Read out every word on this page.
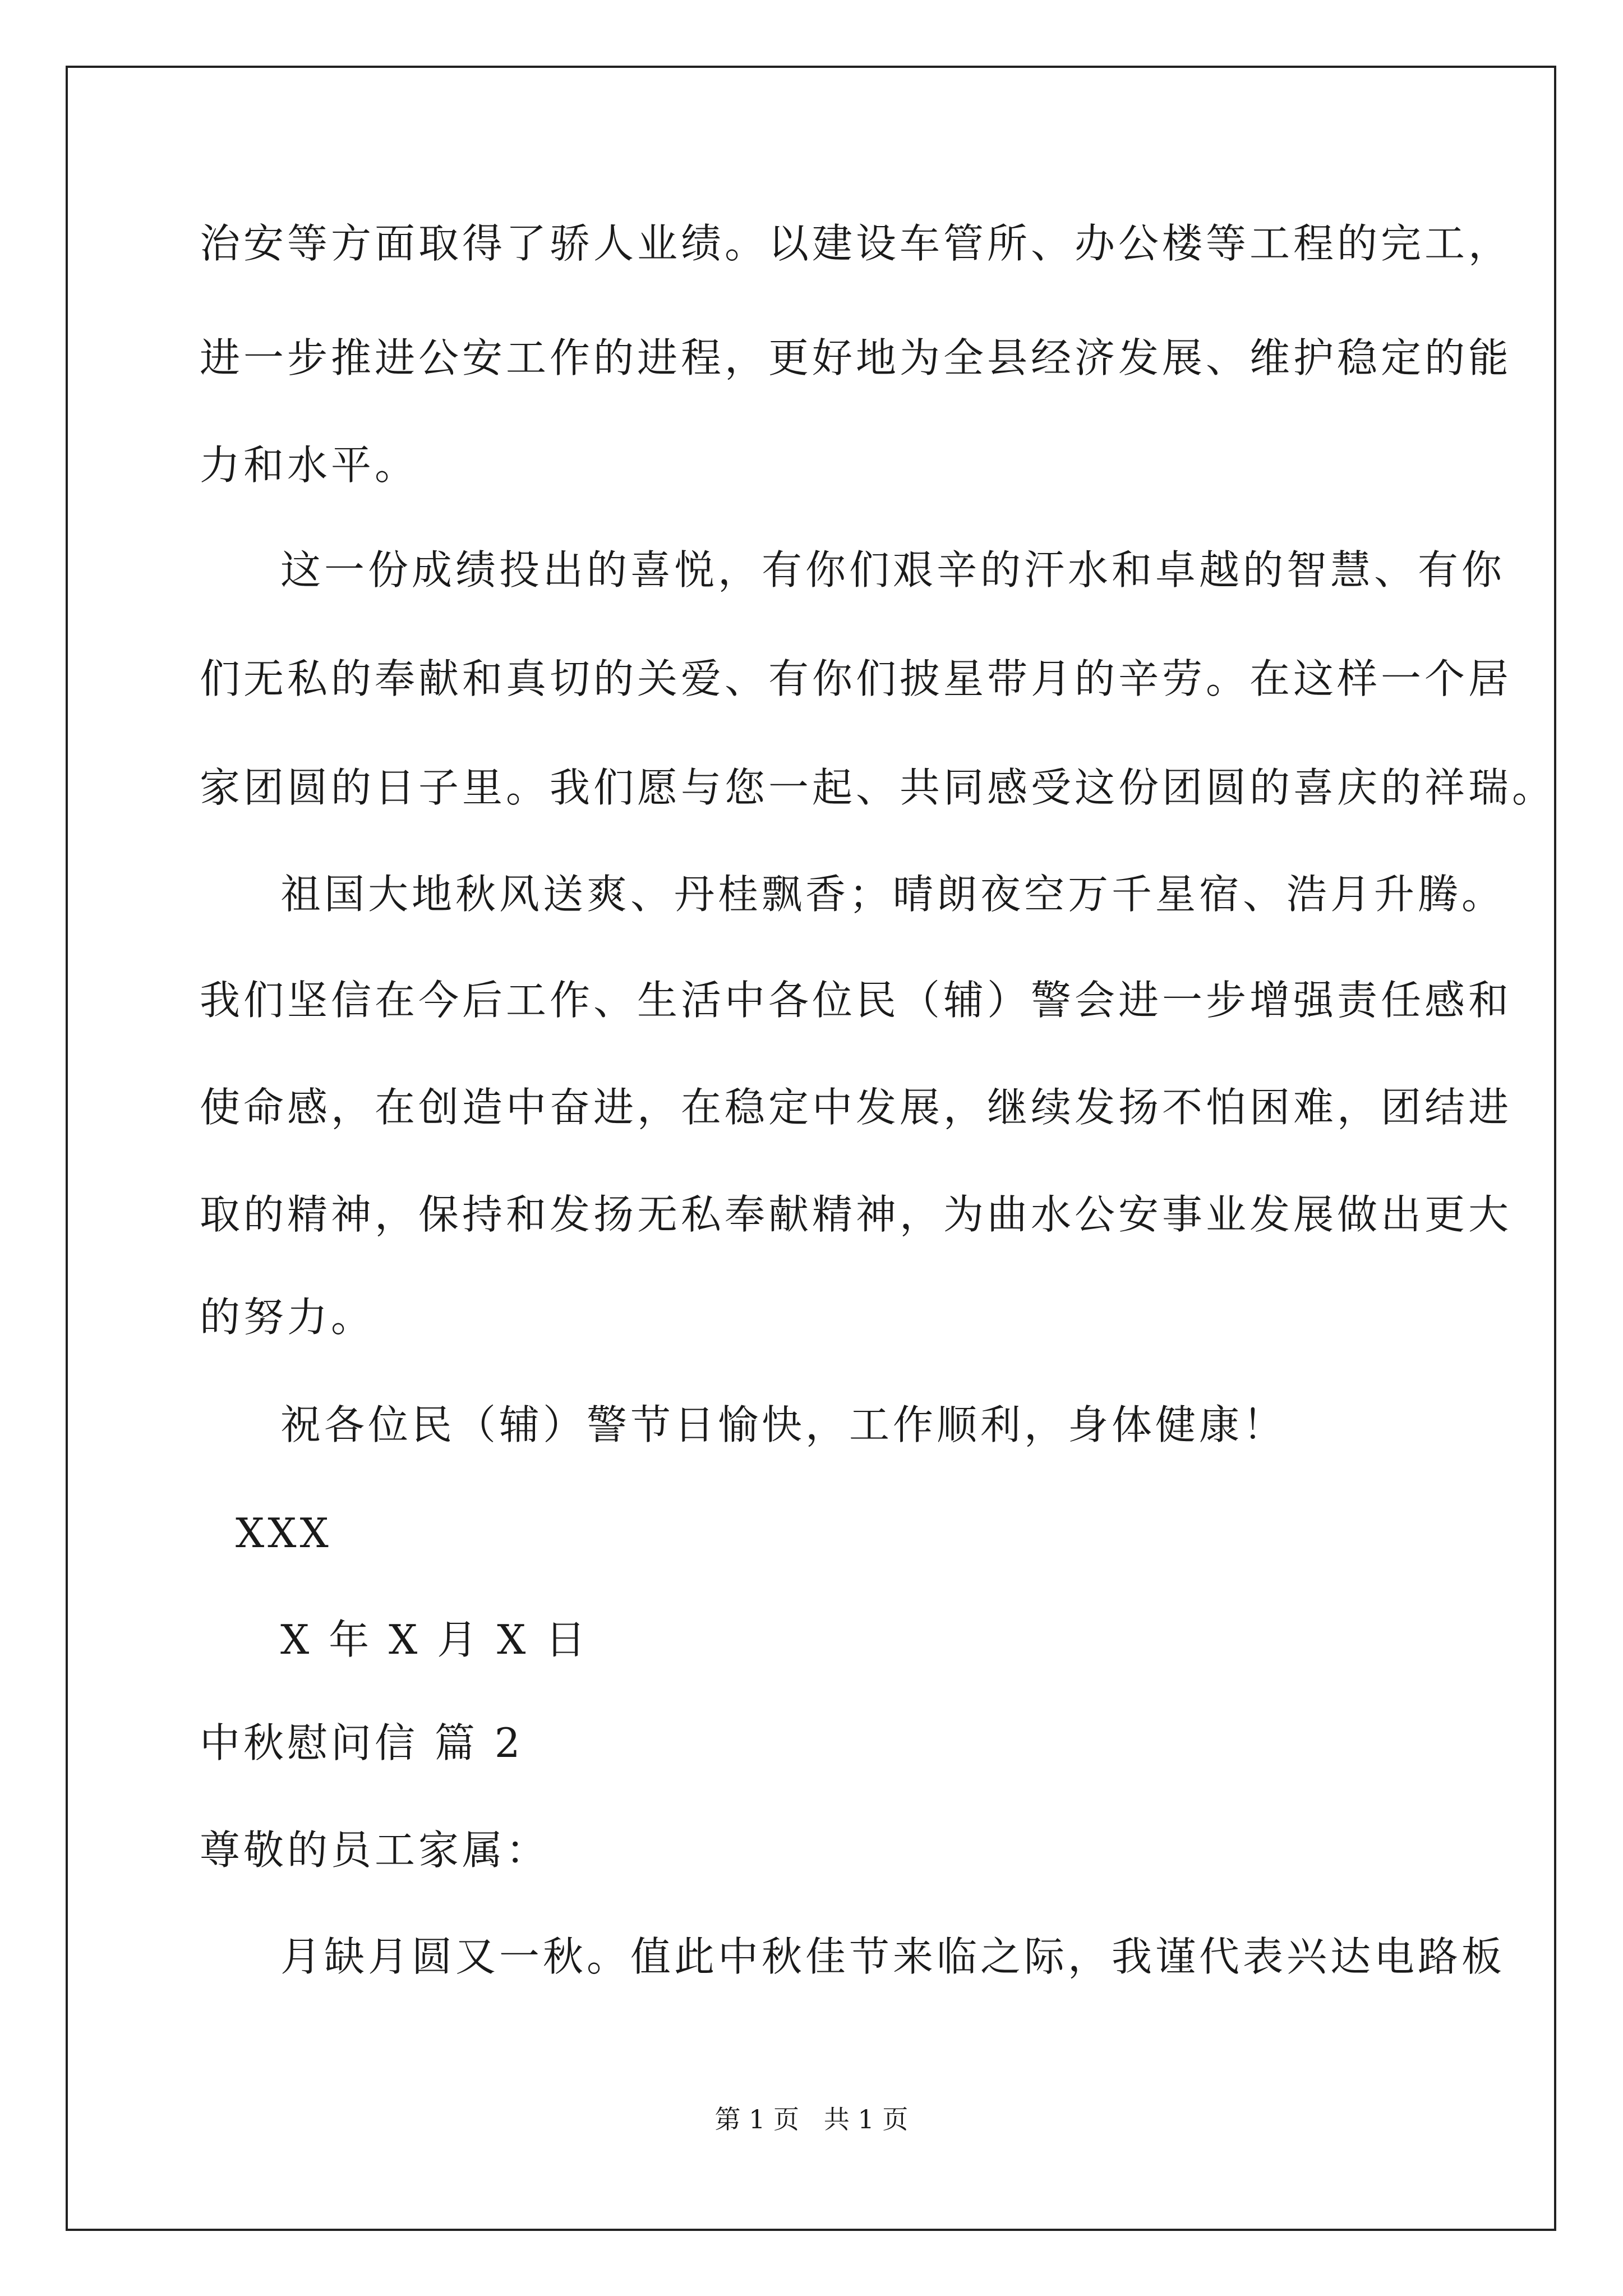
治安等方面取得了骄人业绩。以建设车管所、办公楼等工程的完工，
进一步推进公安工作的进程，更好地为全县经济发展、维护稳定的能
力和水平。
这一份成绩投出的喜悦，有你们艰辛的汗水和卓越的智慧、有你
们无私的奉献和真切的关爱、有你们披星带月的辛劳。在这样一个居
家团圆的日子里。我们愿与您一起、共同感受这份团圆的喜庆的祥瑞。
祖国大地秋风送爽、丹桂飘香；晴朗夜空万千星宿、浩月升腾。
我们坚信在今后工作、生活中各位民（辅）警会进一步增强责任感和
使命感，在创造中奋进，在稳定中发展，继续发扬不怕困难，团结进
取的精神，保持和发扬无私奉献精神，为曲水公安事业发展做出更大
的努力。
祝各位民（辅）警节日愉快，工作顺利，身体健康！
XXX
X 年 X 月 X 日
中秋慰问信 篇 2
尊敬的员工家属：
月缺月圆又一秋。值此中秋佳节来临之际，我谨代表兴达电路板
第 1 页   共 1 页
